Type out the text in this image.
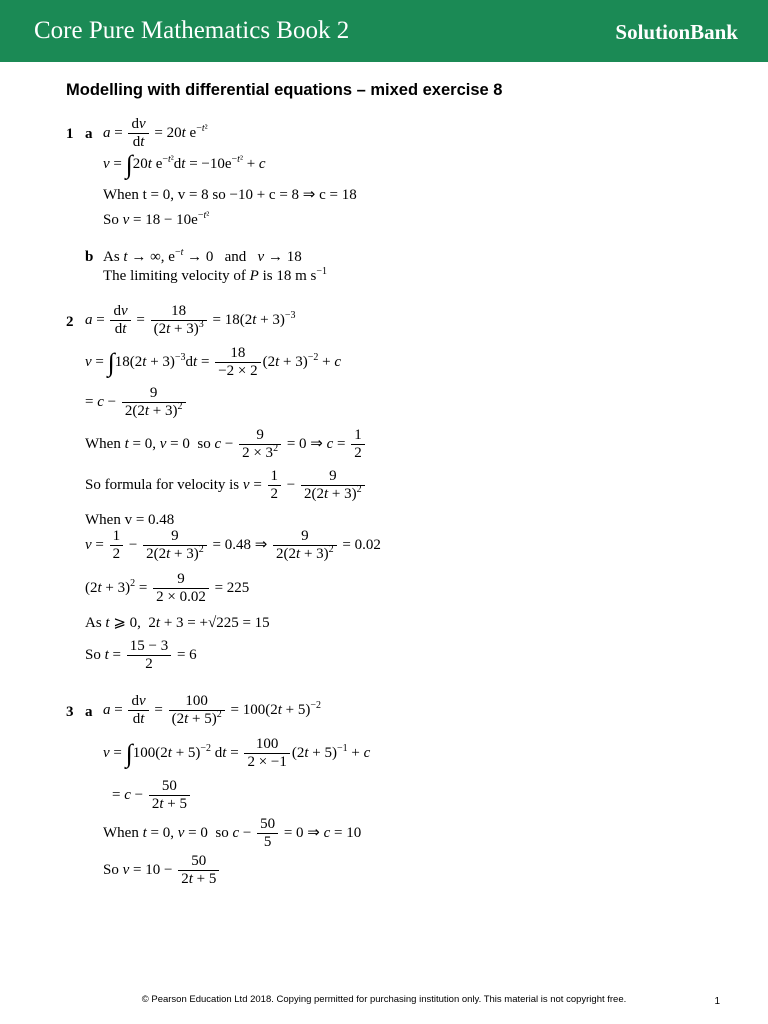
Core Pure Mathematics Book 2	SolutionBank
Modelling with differential equations – mixed exercise 8
1 a $a = \frac{dv}{dt} = 20t$ $e^{-t^2}$
v = ∫20t $e^{-t^2}dt = -10e^{-t^2} + c$
When t = 0, v = 8 so −10 + c = 8 ⇒ c = 18
So $v = 18 - 10e^{-t^2}$
b As t → ∞, $e^{-t} \to 0$   and   v → 18
The limiting velocity of P is 18 m $s^{-1}$
2 $a = \frac{dv}{dt} = \frac{18}{(2t + 3)^3} = 18(2t + 3)^{-3}$
$v = \int 18(2t + 3)^{-3}dt = \frac{18}{-2 \times 2} (2t + 3)^{-2} + c$
= $c - \frac{9}{2(2t + 3)^2}$
When t = 0, v = 0  so $c - \frac{9}{2 \times 3^2} = 0$ ⇒ $c = \frac{1}{2}$
So formula for velocity is $v = \frac{1}{2} - \frac{9}{2(2t + 3)^2}$
When v = 0.48
$v = \frac{1}{2} - \frac{9}{2(2t + 3)^2} = 0.48$ ⇒ $\frac{9}{2(2t + 3)^2} = 0.02$
$(2t + 3)^2 = \frac{9}{2 \times 0.02} = 225$
As t ⩾ 0,  2t + 3 = +√225 = 15
So $t = \frac{15 - 3}{2} = 6$
3 a $a = \frac{dv}{dt} = \frac{100}{(2t + 5)^2} = 100(2t + 5)^{-2}$
$v = \int 100(2t + 5)^{-2}$ dt = $\frac{100}{2 \times -1} (2t + 5)^{-1} + c$
= $c - \frac{50}{2t + 5}$
When t = 0, v = 0  so $c - \frac{50}{5} = 0$ ⇒ c = 10
So $v = 10 - \frac{50}{2t + 5}$
© Pearson Education Ltd 2018. Copying permitted for purchasing institution only. This material is not copyright free.	1
